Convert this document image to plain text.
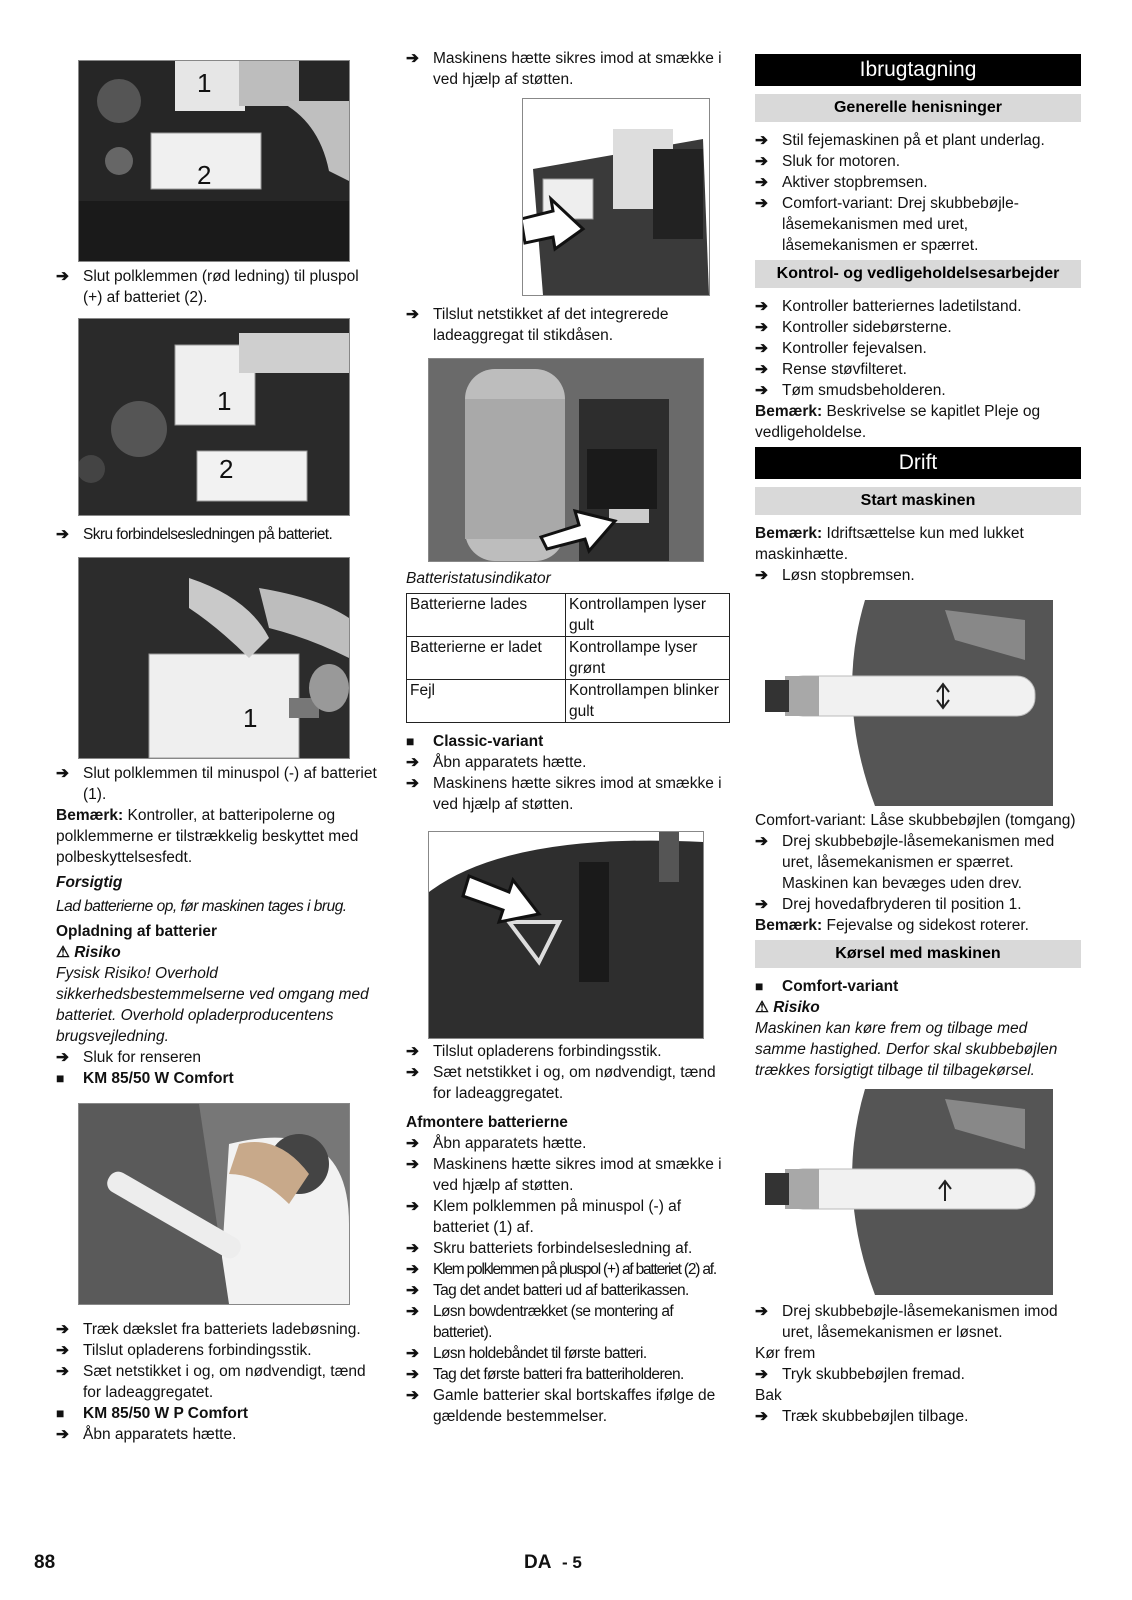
1
2
➔ Slut polklemmen (rød ledning) til pluspol (+) af batteriet (2).
1
2
➔ Skru forbindelsesledningen på batteriet.
1
➔ Slut polklemmen til minuspol (-) af batteriet (1).

Bemærk: Kontroller, at batteripolerne og polklemmerne er tilstrækkelig beskyttet med polbeskyttelsesfedt.

Forsigtig

Lad batterierne op, før maskinen tages i brug.

Opladning af batterier

⚠ Risiko

Fysisk Risiko! Overhold sikkerhedsbestemmelserne ved omgang med batteriet. Overhold opladerproducentens brugsvejledning.

➔ Sluk for renseren
■ KM 85/50 W Comfort
➔ Træk dækslet fra batteriets ladebøsning.
➔ Tilslut opladerens forbindingsstik.
➔ Sæt netstikket i og, om nødvendigt, tænd for ladeaggregatet.
■ KM 85/50 W P Comfort
➔ Åbn apparatets hætte.
➔ Maskinens hætte sikres imod at smække i ved hjælp af støtten.
➔ Tilslut netstikket af det integrerede ladeaggregat til stikdåsen.

Batteristatusindikator

Batterierne lades	Kontrollampen lyser gult
Batterierne er ladet	Kontrollampe lyser grønt
Fejl	Kontrollampen blinker gult
■ Classic-variant
➔ Åbn apparatets hætte.
➔ Maskinens hætte sikres imod at smække i ved hjælp af støtten.
➔ Tilslut opladerens forbindingsstik.
➔ Sæt netstikket i og, om nødvendigt, tænd for ladeaggregatet.

Afmontere batterierne

➔ Åbn apparatets hætte.
➔ Maskinens hætte sikres imod at smække i ved hjælp af støtten.
➔ Klem polklemmen på minuspol (-) af batteriet (1) af.
➔ Skru batteriets forbindelsesledning af.
➔ Klem polklemmen på pluspol (+) af batteriet (2) af.
➔ Tag det andet batteri ud af batterikassen.
➔ Løsn bowdentrækket (se montering af batteriet).
➔ Løsn holdebåndet til første batteri.
➔ Tag det første batteri fra batteriholderen.
➔ Gamle batterier skal bortskaffes ifølge de gældende bestemmelser.
Ibrugtagning
Generelle henisninger
➔ Stil fejemaskinen på et plant underlag.
➔ Sluk for motoren.
➔ Aktiver stopbremsen.
➔ Comfort-variant: Drej skubbebøjle-låsemekanismen med uret, låsemekanismen er spærret.
Kontrol- og vedligeholdelsesarbejder
➔ Kontroller batteriernes ladetilstand.
➔ Kontroller sidebørsterne.
➔ Kontroller fejevalsen.
➔ Rense støvfilteret.
➔ Tøm smudsbeholderen.

Bemærk: Beskrivelse se kapitlet Pleje og vedligeholdelse.

Drift
Start maskinen

Bemærk: Idriftsættelse kun med lukket maskinhætte.

➔ Løsn stopbremsen.

Comfort-variant: Låse skubbebøjlen (tomgang)

➔ Drej skubbebøjle-låsemekanismen med uret, låsemekanismen er spærret. Maskinen kan bevæges uden drev.
➔ Drej hovedafbryderen til position 1.

Bemærk: Fejevalse og sidekost roterer.

Kørsel med maskinen
■ Comfort-variant

⚠ Risiko

Maskinen kan køre frem og tilbage med samme hastighed. Derfor skal skubbebøjlen trækkes forsigtigt tilbage til tilbagekørsel.

➔ Drej skubbebøjle-låsemekanismen imod uret, låsemekanismen er løsnet.

Kør frem

➔ Tryk skubbebøjlen fremad.

Bak

➔ Træk skubbebøjlen tilbage.
88	DA - 5
